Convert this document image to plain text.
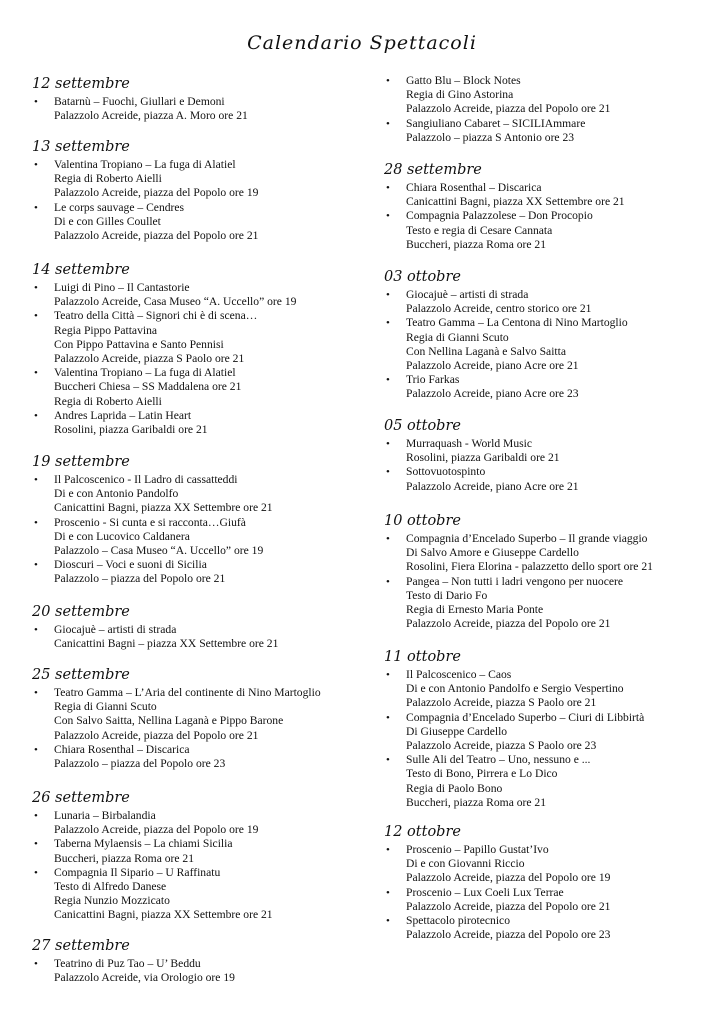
Calendario Spettacoli
12 settembre
• Batarnù – Fuochi, Giullari e Demoni
Palazzolo Acreide, piazza A. Moro ore 21
13 settembre
• Valentina Tropiano – La fuga di Alatiel
Regia di Roberto Aielli
Palazzolo Acreide, piazza del Popolo ore 19
• Le corps sauvage – Cendres
Di e con Gilles Coullet
Palazzolo Acreide, piazza del Popolo ore 21
14 settembre
• Luigi di Pino – Il Cantastorie
Palazzolo Acreide, Casa Museo “A. Uccello” ore 19
• Teatro della Città – Signori chi è di scena…
Regia Pippo Pattavina
Con Pippo Pattavina e Santo Pennisi
Palazzolo Acreide, piazza S Paolo ore 21
• Valentina Tropiano – La fuga di Alatiel
Buccheri Chiesa – SS Maddalena ore 21
Regia di Roberto Aielli
• Andres Laprida – Latin Heart
Rosolini, piazza Garibaldi ore 21
19 settembre
• Il Palcoscenico - Il Ladro di cassatteddi
Di e con Antonio Pandolfo
Canicattini Bagni, piazza XX Settembre ore 21
• Proscenio - Si cunta e si racconta…Giufà
Di e con Lucovico Caldanera
Palazzolo – Casa Museo “A. Uccello” ore 19
• Dioscuri – Voci e suoni di Sicilia
Palazzolo – piazza del Popolo ore 21
20 settembre
• Giocajuè – artisti di strada
Canicattini Bagni – piazza XX Settembre ore 21
25 settembre
• Teatro Gamma – L’Aria del continente di Nino Martoglio
Regia di Gianni Scuto
Con Salvo Saitta, Nellina Laganà e Pippo Barone
Palazzolo Acreide, piazza del Popolo ore 21
• Chiara Rosenthal – Discarica
Palazzolo – piazza del Popolo ore 23
26 settembre
• Lunaria – Birbalandia
Palazzolo Acreide, piazza del Popolo ore 19
• Taberna Mylaensis – La chiami Sicilia
Buccheri, piazza Roma ore 21
• Compagnia Il Sipario – U Raffinatu
Testo di Alfredo Danese
Regia Nunzio Mozzicato
Canicattini Bagni, piazza XX Settembre ore 21
27 settembre
• Teatrino di Puz Tao – U’ Beddu
Palazzolo Acreide, via Orologio ore 19
• Gatto Blu – Block Notes
Regia di Gino Astorina
Palazzolo Acreide, piazza del Popolo ore 21
• Sangiuliano Cabaret – SICILIAmmare
Palazzolo – piazza S Antonio ore 23
28 settembre
• Chiara Rosenthal – Discarica
Canicattini Bagni, piazza XX Settembre ore 21
• Compagnia Palazzolese – Don Procopio
Testo e regia di Cesare Cannata
Buccheri, piazza Roma ore 21
03 ottobre
• Giocajuè – artisti di strada
Palazzolo Acreide, centro storico ore 21
• Teatro Gamma – La Centona di Nino Martoglio
Regia di Gianni Scuto
Con Nellina Laganà e Salvo Saitta
Palazzolo Acreide, piano Acre ore 21
• Trio Farkas
Palazzolo Acreide, piano Acre ore 23
05 ottobre
• Murraquash - World Music
Rosolini, piazza Garibaldi ore 21
• Sottovuotospinto
Palazzolo Acreide, piano Acre ore 21
10 ottobre
• Compagnia d’Encelado Superbo – Il grande viaggio
Di Salvo Amore e Giuseppe Cardello
Rosolini, Fiera Elorina - palazzetto dello sport ore 21
• Pangea – Non tutti i ladri vengono per nuocere
Testo di Dario Fo
Regia di Ernesto Maria Ponte
Palazzolo Acreide, piazza del Popolo ore 21
11 ottobre
• Il Palcoscenico – Caos
Di e con Antonio Pandolfo e Sergio Vespertino
Palazzolo Acreide, piazza S Paolo ore 21
• Compagnia d’Encelado Superbo – Ciuri di Libbirtà
Di Giuseppe Cardello
Palazzolo Acreide, piazza S Paolo ore 23
• Sulle Ali del Teatro – Uno, nessuno e ...
Testo di Bono, Pirrera e Lo Dico
Regia di Paolo Bono
Buccheri, piazza Roma ore 21
12 ottobre
• Proscenio – Papillo Gustat’Ivo
Di e con Giovanni Riccio
Palazzolo Acreide, piazza del Popolo ore 19
• Proscenio – Lux Coeli Lux Terrae
Palazzolo Acreide, piazza del Popolo ore 21
• Spettacolo pirotecnico
Palazzolo Acreide, piazza del Popolo ore 23
